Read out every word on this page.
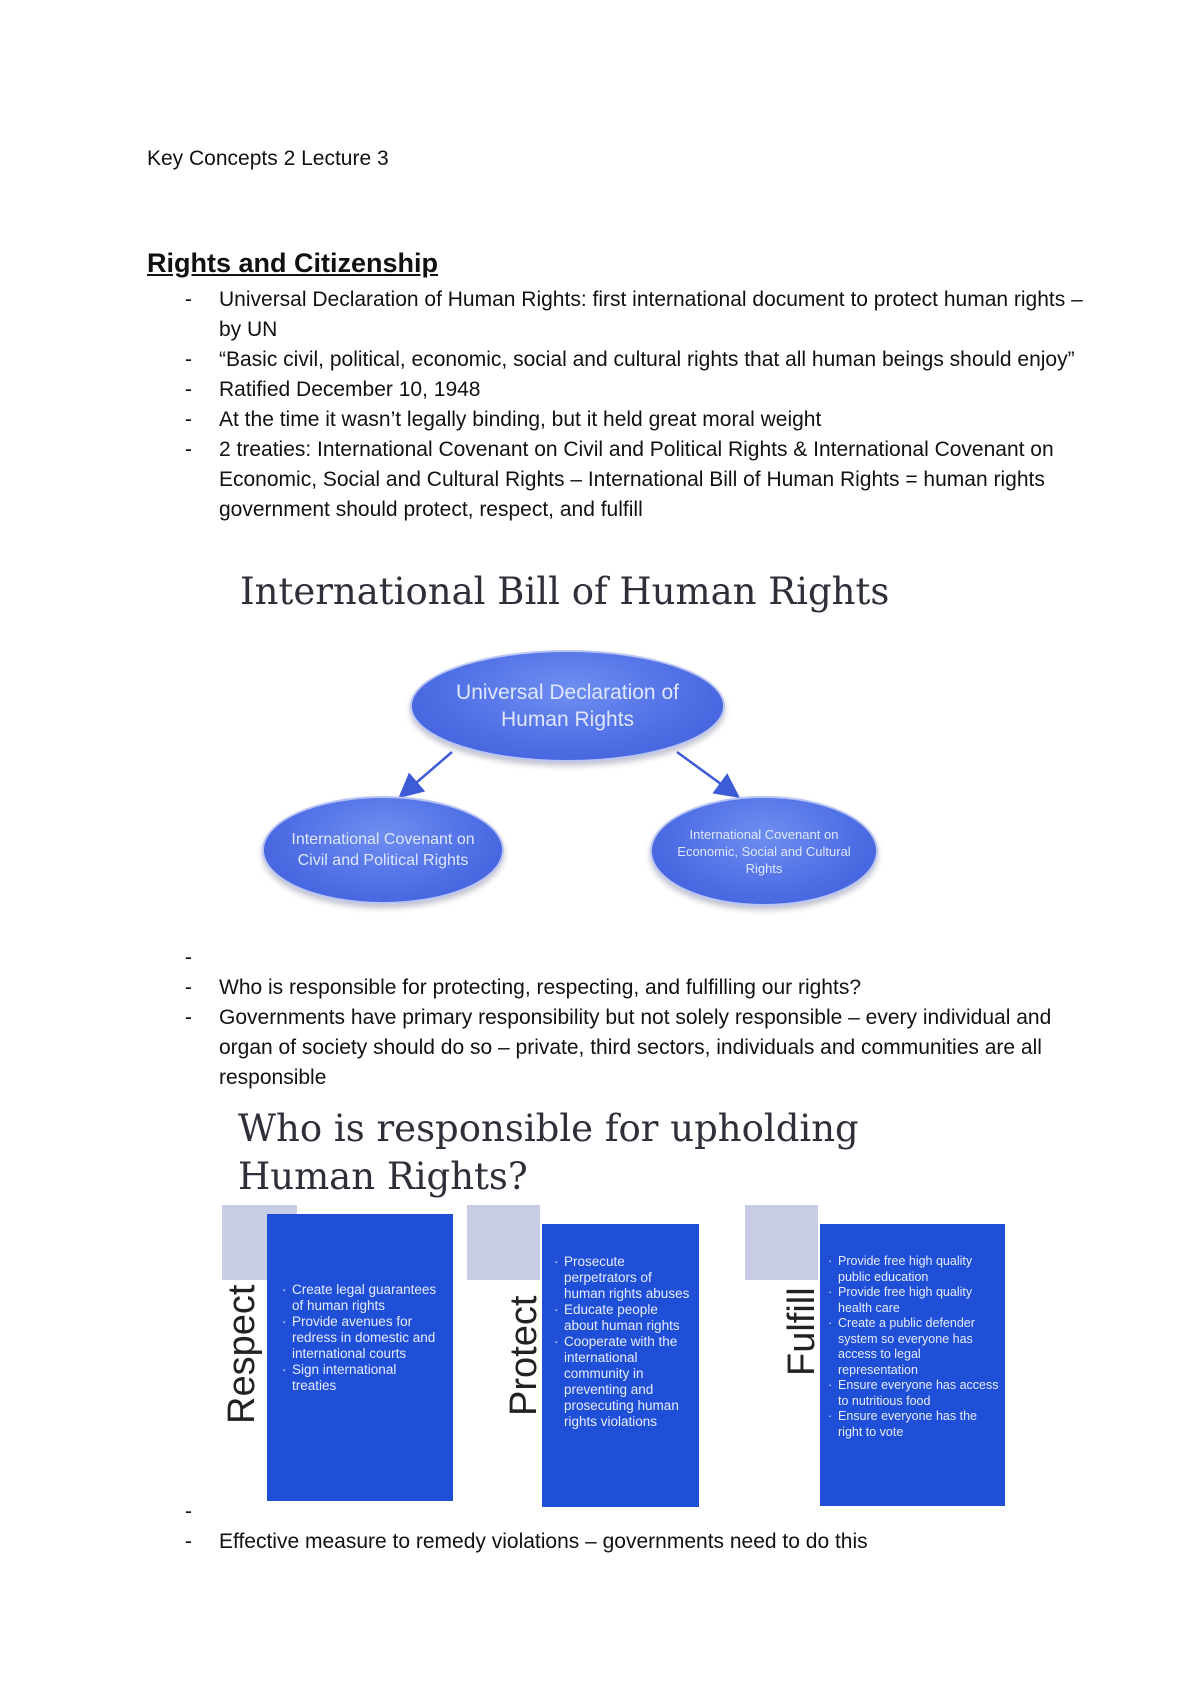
Key Concepts 2 Lecture 3
Rights and Citizenship
- Universal Declaration of Human Rights: first international document to protect human rights – by UN
- “Basic civil, political, economic, social and cultural rights that all human beings should enjoy”
- Ratified December 10, 1948
- At the time it wasn’t legally binding, but it held great moral weight
- 2 treaties: International Covenant on Civil and Political Rights & International Covenant on Economic, Social and Cultural Rights – International Bill of Human Rights = human rights government should protect, respect, and fulfill
International Bill of Human Rights
Universal Declaration of Human Rights
International Covenant on Civil and Political Rights
International Covenant on Economic, Social and Cultural Rights
-

- Who is responsible for protecting, respecting, and fulfilling our rights?
- Governments have primary responsibility but not solely responsible – every individual and organ of society should do so – private, third sectors, individuals and communities are all responsible
Who is responsible for upholding Human Rights?
· Create legal guarantees of human rights
· Provide avenues for redress in domestic and international courts
· Sign international treaties
Respect
· Prosecute perpetrators of human rights abuses
· Educate people about human rights
· Cooperate with the international community in preventing and prosecuting human rights violations
Protect
· Provide free high quality public education
· Provide free high quality health care
· Create a public defender system so everyone has access to legal representation
· Ensure everyone has access to nutritious food
· Ensure everyone has the right to vote
Fulfill
-

- Effective measure to remedy violations – governments need to do this
